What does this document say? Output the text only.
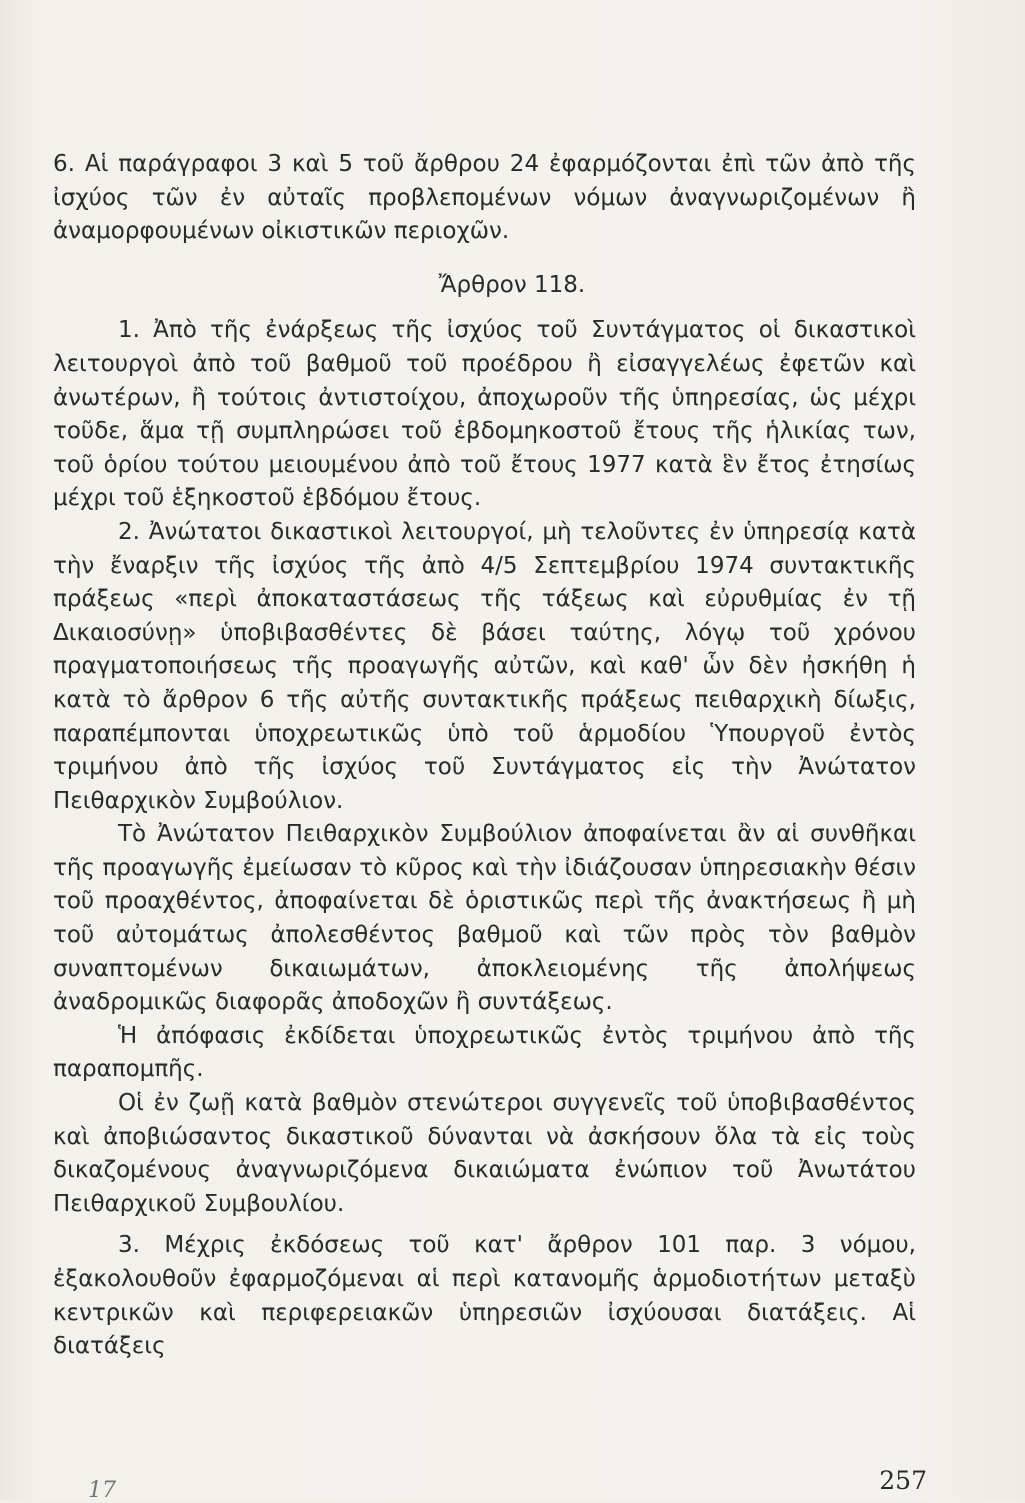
6. Αἱ παράγραφοι 3 καὶ 5 τοῦ ἄρθρου 24 ἐφαρμόζονται ἐπὶ τῶν ἀπὸ τῆς ἰσχύος τῶν ἐν αὐταῖς προβλεπομένων νόμων ἀναγνωριζομένων ἢ ἀναμορφουμένων οἰκιστικῶν περιοχῶν.

Ἄρθρον 118.

1. Ἀπὸ τῆς ἐνάρξεως τῆς ἰσχύος τοῦ Συντάγματος οἱ δικαστικοὶ λειτουργοὶ ἀπὸ τοῦ βαθμοῦ τοῦ προέδρου ἢ εἰσαγγελέως ἐφετῶν καὶ ἀνωτέρων, ἢ τούτοις ἀντιστοίχου, ἀποχωροῦν τῆς ὑπηρεσίας, ὡς μέχρι τοῦδε, ἅμα τῇ συμπληρώσει τοῦ ἑβδομηκοστοῦ ἔτους τῆς ἡλικίας των, τοῦ ὁρίου τούτου μειουμένου ἀπὸ τοῦ ἔτους 1977 κατὰ ἓν ἔτος ἐτησίως μέχρι τοῦ ἑξηκοστοῦ ἑβδόμου ἔτους.

2. Ἀνώτατοι δικαστικοὶ λειτουργοί, μὴ τελοῦντες ἐν ὑπηρεσίᾳ κατὰ τὴν ἔναρξιν τῆς ἰσχύος τῆς ἀπὸ 4/5 Σεπτεμβρίου 1974 συντακτικῆς πράξεως «περὶ ἀποκαταστάσεως τῆς τάξεως καὶ εὐρυθμίας ἐν τῇ Δικαιοσύνῃ» ὑποβιβασθέντες δὲ βάσει ταύτης, λόγῳ τοῦ χρόνου πραγματοποιήσεως τῆς προαγωγῆς αὐτῶν, καὶ καθ' ὧν δὲν ἠσκήθη ἡ κατὰ τὸ ἄρθρον 6 τῆς αὐτῆς συντακτικῆς πράξεως πειθαρχικὴ δίωξις, παραπέμπονται ὑποχρεωτικῶς ὑπὸ τοῦ ἁρμοδίου Ὑπουργοῦ ἐντὸς τριμήνου ἀπὸ τῆς ἰσχύος τοῦ Συντάγματος εἰς τὴν Ἀνώτατον Πειθαρχικὸν Συμβούλιον.

Τὸ Ἀνώτατον Πειθαρχικὸν Συμβούλιον ἀποφαίνεται ἂν αἱ συνθῆκαι τῆς προαγωγῆς ἐμείωσαν τὸ κῦρος καὶ τὴν ἰδιάζουσαν ὑπηρεσιακὴν θέσιν τοῦ προαχθέντος, ἀποφαίνεται δὲ ὁριστικῶς περὶ τῆς ἀνακτήσεως ἢ μὴ τοῦ αὐτομάτως ἀπολεσθέντος βαθμοῦ καὶ τῶν πρὸς τὸν βαθμὸν συναπτομένων δικαιωμάτων, ἀποκλειομένης τῆς ἀπολήψεως ἀναδρομικῶς διαφορᾶς ἀποδοχῶν ἢ συντάξεως.

Ἡ ἀπόφασις ἐκδίδεται ὑποχρεωτικῶς ἐντὸς τριμήνου ἀπὸ τῆς παραπομπῆς.

Οἱ ἐν ζωῇ κατὰ βαθμὸν στενώτεροι συγγενεῖς τοῦ ὑποβιβασθέντος καὶ ἀποβιώσαντος δικαστικοῦ δύνανται νὰ ἀσκήσουν ὅλα τὰ εἰς τοὺς δικαζομένους ἀναγνωριζόμενα δικαιώματα ἐνώπιον τοῦ Ἀνωτάτου Πειθαρχικοῦ Συμβουλίου.

3. Μέχρις ἐκδόσεως τοῦ κατ' ἄρθρον 101 παρ. 3 νόμου, ἐξακολουθοῦν ἐφαρμοζόμεναι αἱ περὶ κατανομῆς ἁρμοδιοτήτων μεταξὺ κεντρικῶν καὶ περιφερειακῶν ὑπηρεσιῶν ἰσχύουσαι διατάξεις. Αἱ διατάξεις

17	257
